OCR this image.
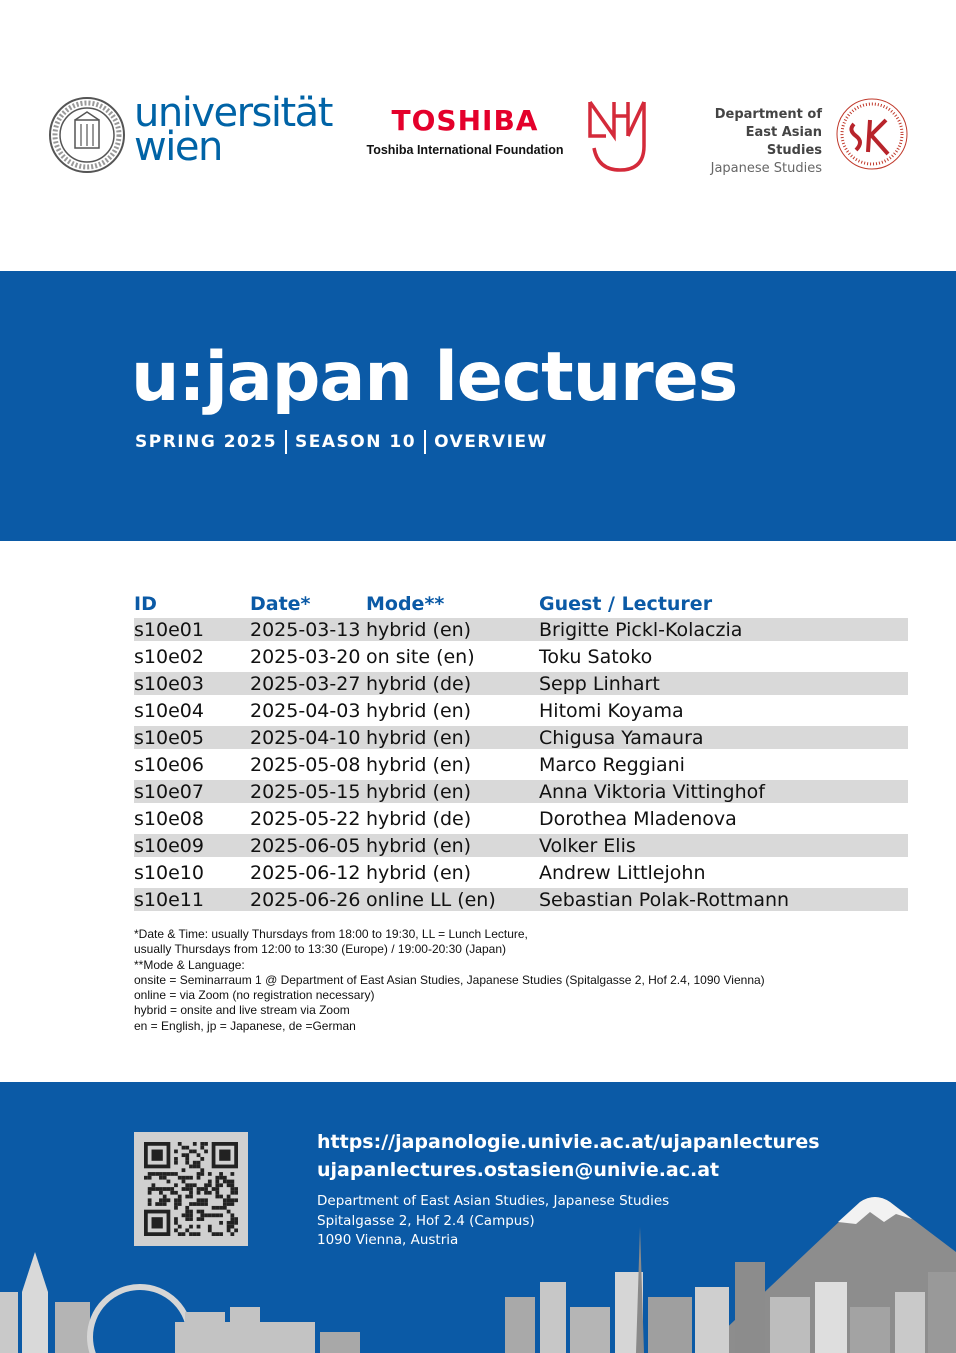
universität
wien
TOSHIBA
Toshiba International Foundation
Department of
East Asian Studies
Japanese Studies
u:japan lectures
SPRING 2025 SEASON 10 OVERVIEW
ID	Date*	Mode**	Guest / Lecturer
s10e01	2025-03-13 hybrid (en)	Brigitte Pickl-Kolaczia
s10e02	2025-03-20 on site (en)	Toku Satoko
s10e03	2025-03-27 hybrid (de)	Sepp Linhart
s10e04	2025-04-03 hybrid (en)	Hitomi Koyama
s10e05	2025-04-10 hybrid (en)	Chigusa Yamaura
s10e06	2025-05-08 hybrid (en)	Marco Reggiani
s10e07	2025-05-15 hybrid (en)	Anna Viktoria Vittinghof
s10e08	2025-05-22 hybrid (de)	Dorothea Mladenova
s10e09	2025-06-05 hybrid (en)	Volker Elis
s10e10	2025-06-12 hybrid (en)	Andrew Littlejohn
s10e11	2025-06-26 online LL (en)	Sebastian Polak-Rottmann
*Date & Time: usually Thursdays from 18:00 to 19:30, LL = Lunch Lecture,
usually Thursdays from 12:00 to 13:30 (Europe) / 19:00-20:30 (Japan)
**Mode & Language:
onsite = Seminarraum 1 @ Department of East Asian Studies, Japanese Studies (Spitalgasse 2, Hof 2.4, 1090 Vienna)
online = via Zoom (no registration necessary)
hybrid = onsite and live stream via Zoom
en = English, jp = Japanese, de =German
https://japanologie.univie.ac.at/ujapanlectures
ujapanlectures.ostasien@univie.ac.at
Department of East Asian Studies, Japanese Studies
Spitalgasse 2, Hof 2.4 (Campus)
1090 Vienna, Austria
